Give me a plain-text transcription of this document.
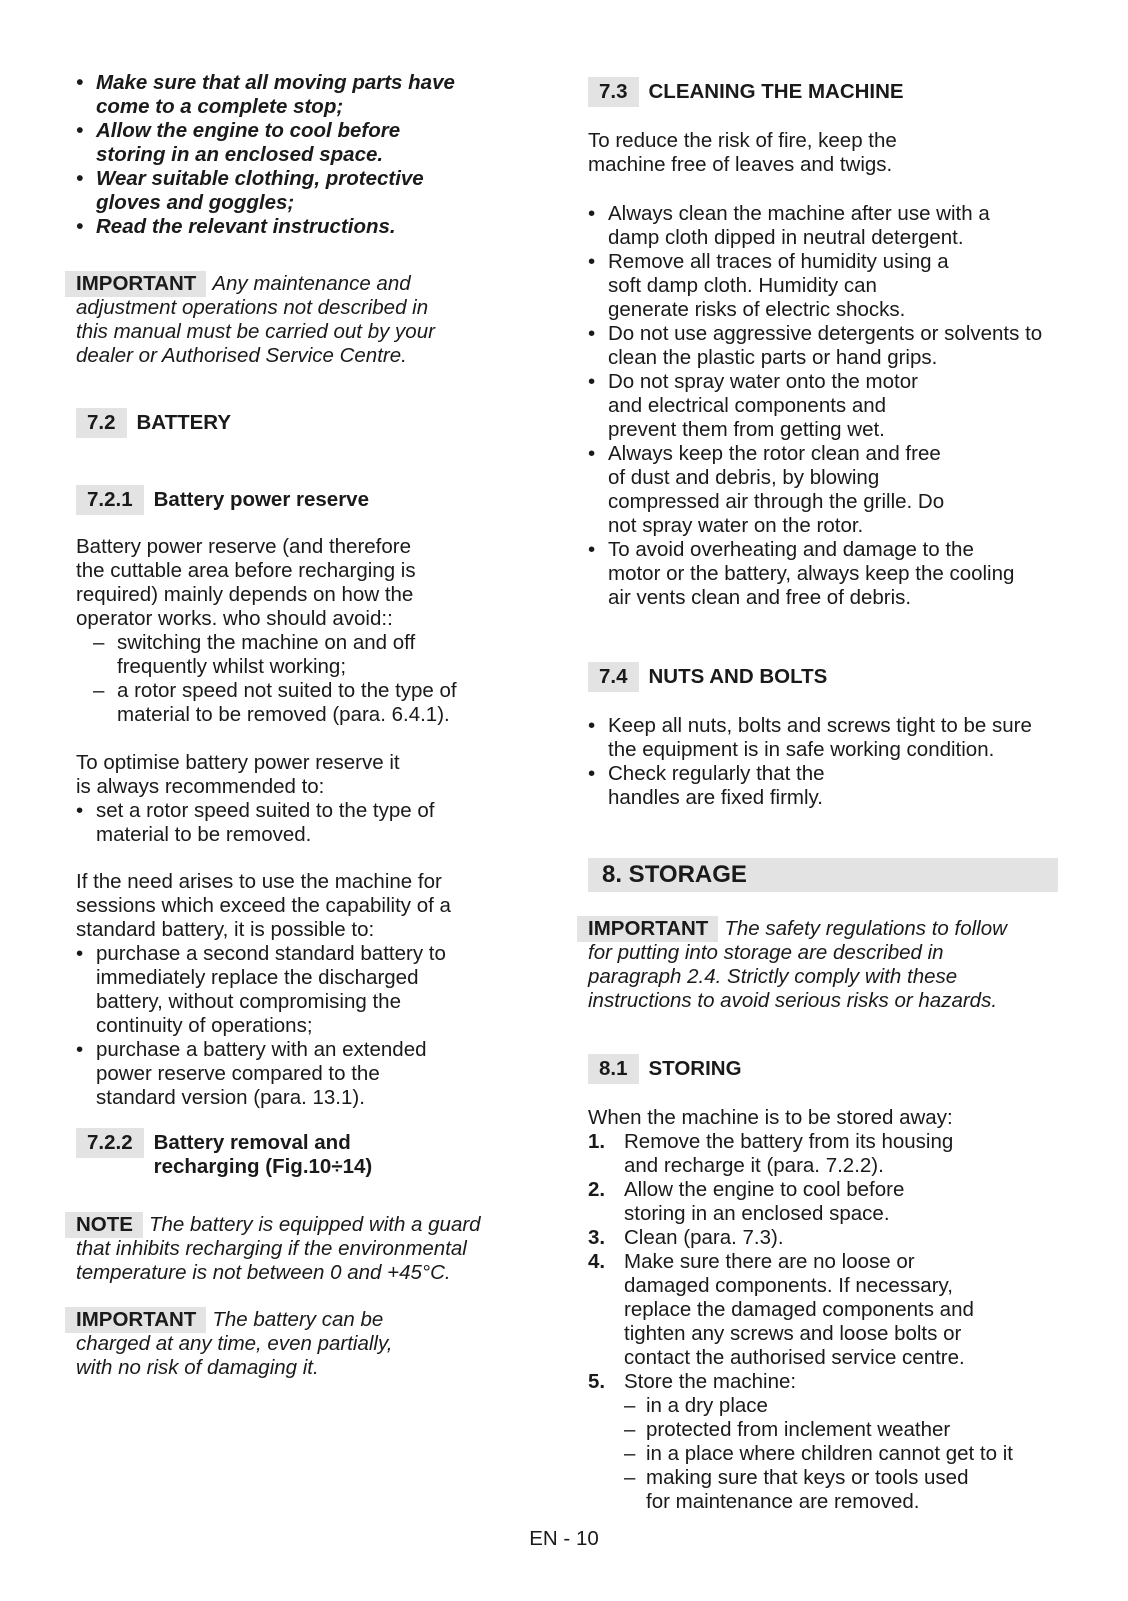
• Make sure that all moving parts have come to a complete stop;
• Allow the engine to cool before storing in an enclosed space.
• Wear suitable clothing, protective gloves and goggles;
• Read the relevant instructions.

IMPORTANT Any maintenance and adjustment operations not described in this manual must be carried out by your dealer or Authorised Service Centre.

7.2	BATTERY
7.2.1	Battery power reserve

Battery power reserve (and therefore the cuttable area before recharging is required) mainly depends on how the operator works. who should avoid::

– switching the machine on and off frequently whilst working;
– a rotor speed not suited to the type of material to be removed (para. 6.4.1).

To optimise battery power reserve it is always recommended to:

• set a rotor speed suited to the type of material to be removed.

If the need arises to use the machine for sessions which exceed the capability of a standard battery, it is possible to:

• purchase a second standard battery to immediately replace the discharged battery, without compromising the continuity of operations;
• purchase a battery with an extended power reserve compared to the standard version (para. 13.1).
7.2.2	Battery removal and recharging (Fig.10÷14)

NOTE The battery is equipped with a guard that inhibits recharging if the environmental temperature is not between 0 and +45°C.

IMPORTANT The battery can be charged at any time, even partially, with no risk of damaging it.

7.3	CLEANING THE MACHINE

To reduce the risk of fire, keep the machine free of leaves and twigs.

• Always clean the machine after use with a damp cloth dipped in neutral detergent.
• Remove all traces of humidity using a soft damp cloth. Humidity can generate risks of electric shocks.
• Do not use aggressive detergents or solvents to clean the plastic parts or hand grips.
• Do not spray water onto the motor and electrical components and prevent them from getting wet.
• Always keep the rotor clean and free of dust and debris, by blowing compressed air through the grille. Do not spray water on the rotor.
• To avoid overheating and damage to the motor or the battery, always keep the cooling air vents clean and free of debris.
7.4	NUTS AND BOLTS
• Keep all nuts, bolts and screws tight to be sure the equipment is in safe working condition.
• Check regularly that the handles are fixed firmly.
8. STORAGE

IMPORTANT The safety regulations to follow for putting into storage are described in paragraph 2.4. Strictly comply with these instructions to avoid serious risks or hazards.

8.1	STORING

When the machine is to be stored away:

1. Remove the battery from its housing and recharge it (para. 7.2.2).
2. Allow the engine to cool before storing in an enclosed space.
3. Clean (para. 7.3).
4. Make sure there are no loose or damaged components. If necessary, replace the damaged components and tighten any screws and loose bolts or contact the authorised service centre.
5. Store the machine:
– in a dry place
– protected from inclement weather
– in a place where children cannot get to it
– making sure that keys or tools used for maintenance are removed.
EN - 10
